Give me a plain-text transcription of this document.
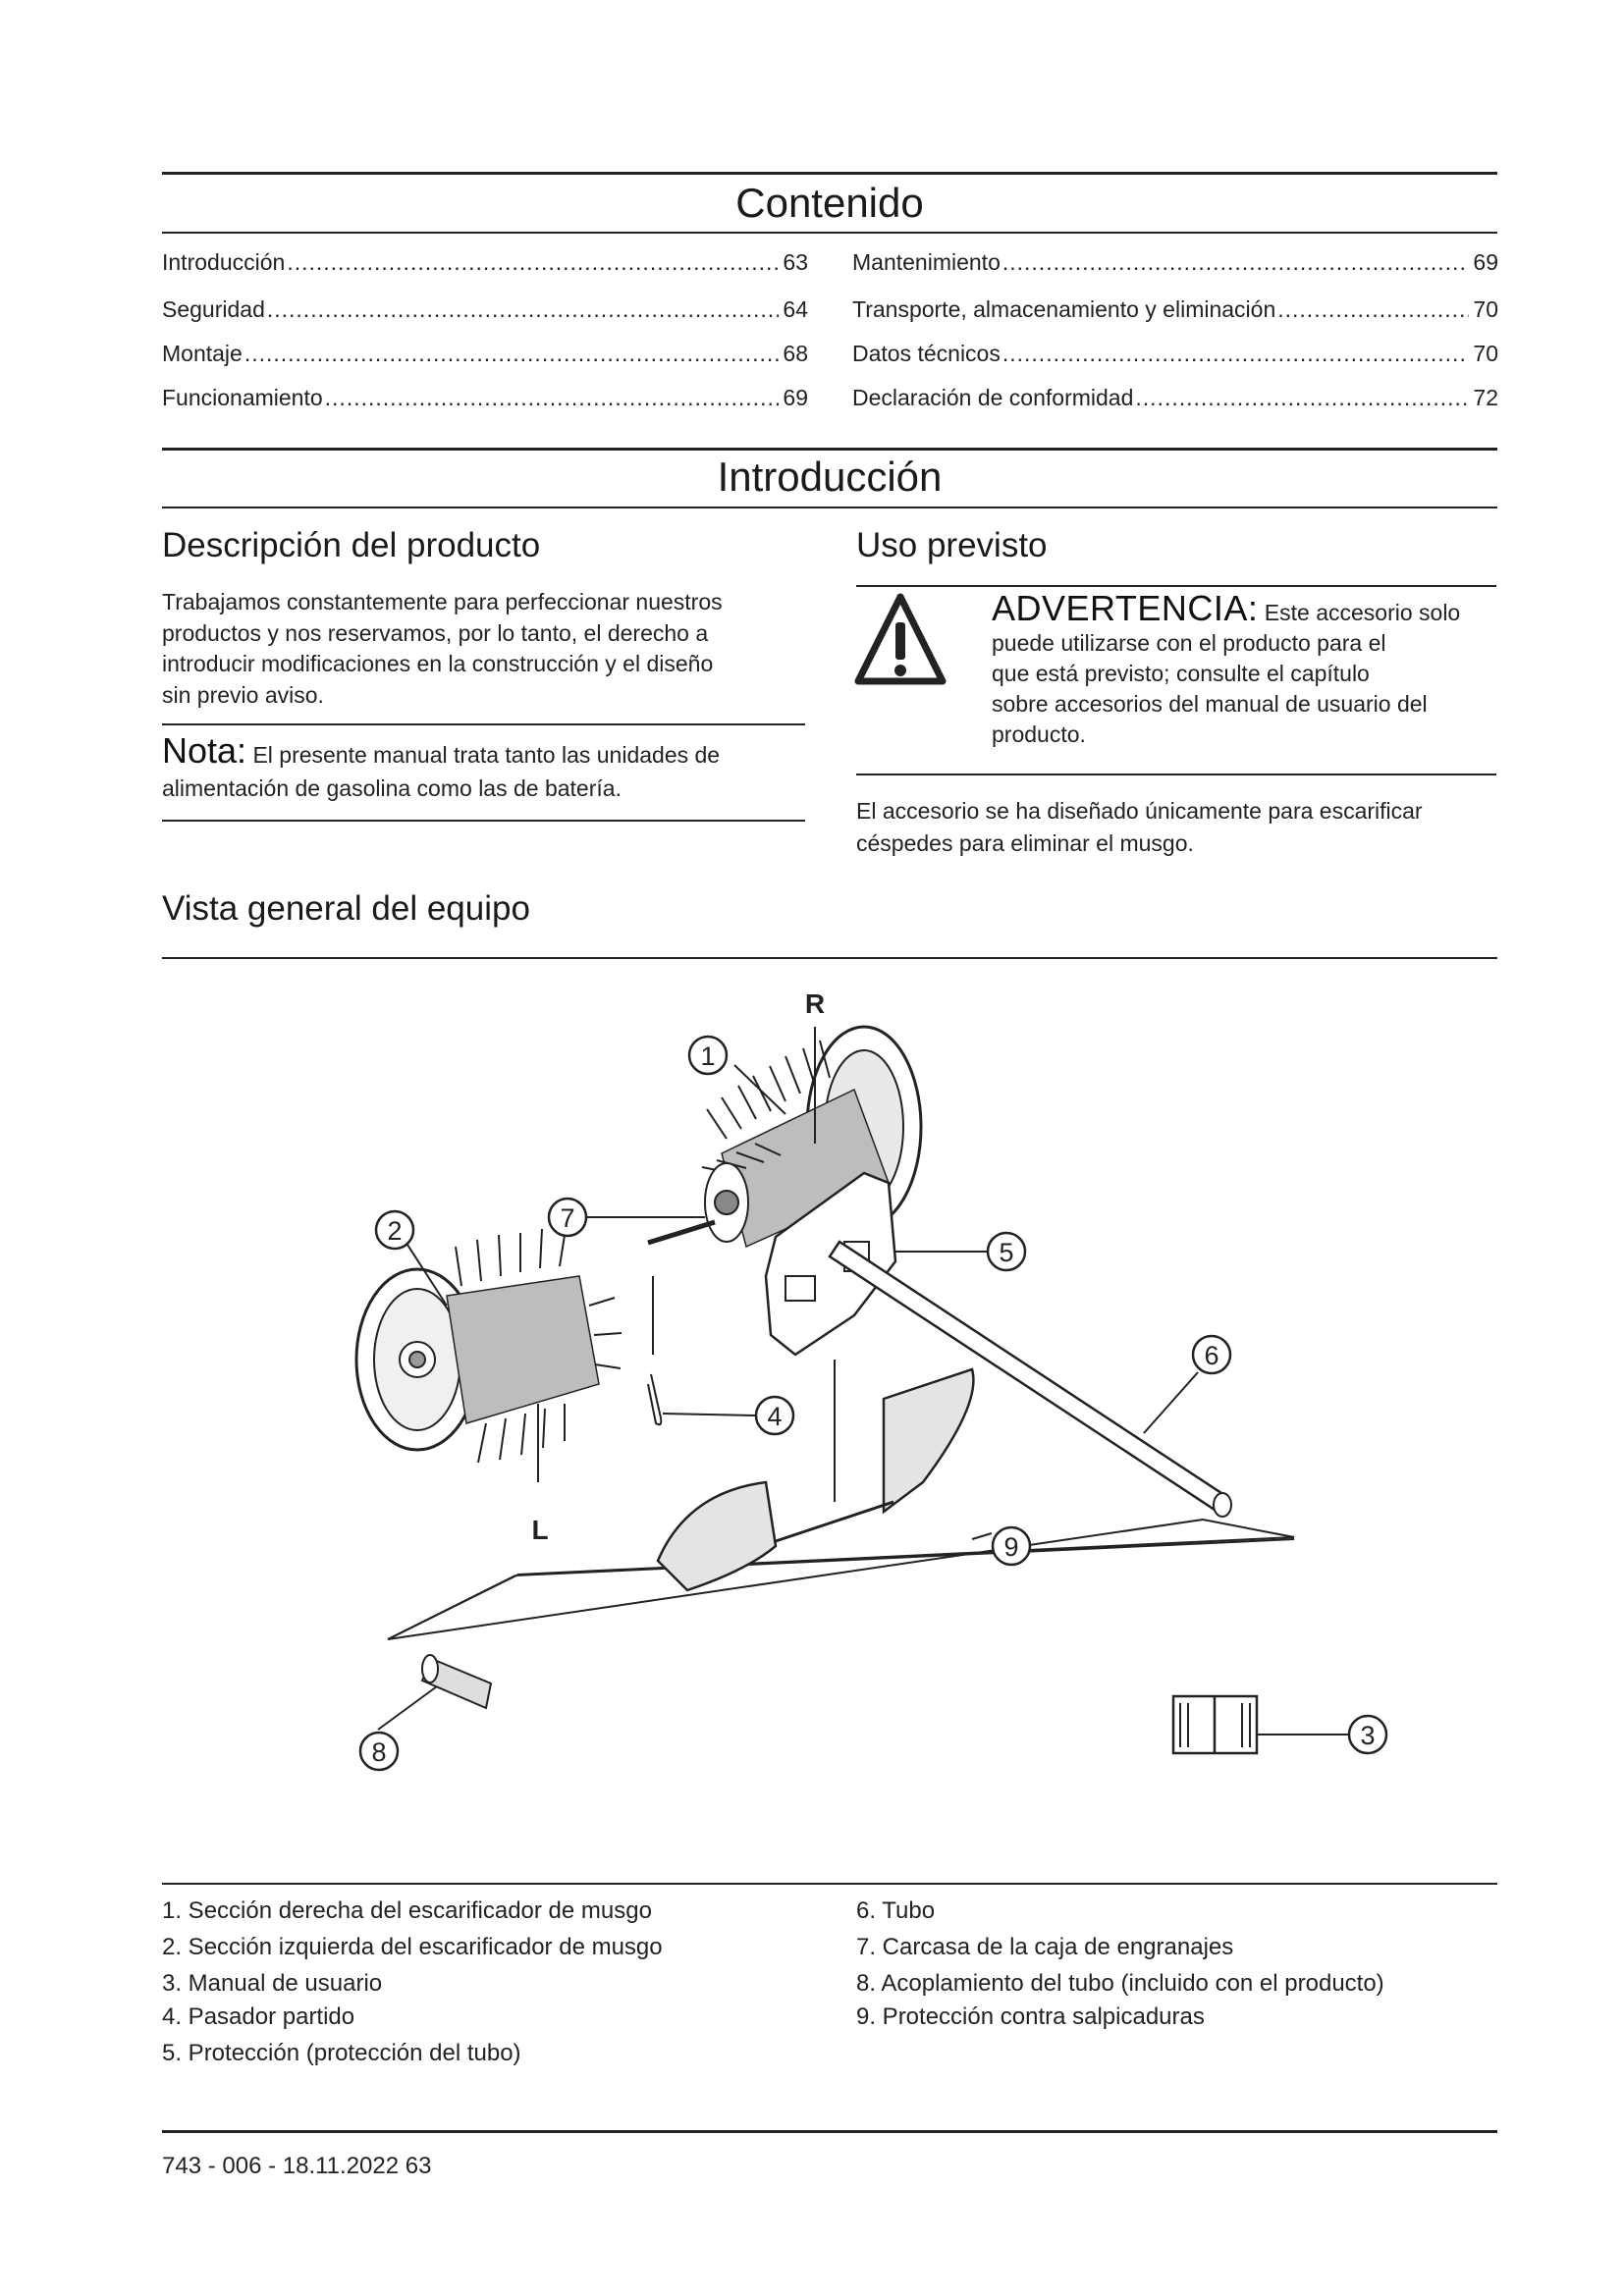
Contenido
Introducción .....	63
Seguridad .....	64
Montaje .....	68
Funcionamiento .....	69
Mantenimiento .....	69
Transporte, almacenamiento y eliminación .....	70
Datos técnicos .....	70
Declaración de conformidad .....	72
Introducción
Descripción del producto
Trabajamos constantemente para perfeccionar nuestros
productos y nos reservamos, por lo tanto, el derecho a
introducir modificaciones en la construcción y el diseño
sin previo aviso.
Nota: El presente manual trata tanto las unidades de
alimentación de gasolina como las de batería.
Uso previsto
ADVERTENCIA: Este accesorio solo
puede utilizarse con el producto para el
que está previsto; consulte el capítulo
sobre accesorios del manual de usuario del
producto.
El accesorio se ha diseñado únicamente para escarificar
céspedes para eliminar el musgo.
Vista general del equipo
1
2
3
4
5
6
7
8
9
R
L
1. Sección derecha del escarificador de musgo
2. Sección izquierda del escarificador de musgo
3. Manual de usuario
4. Pasador partido
5. Protección (protección del tubo)
6. Tubo
7. Carcasa de la caja de engranajes
8. Acoplamiento del tubo (incluido con el producto)
9. Protección contra salpicaduras
743 - 006 - 18.11.2022 63
